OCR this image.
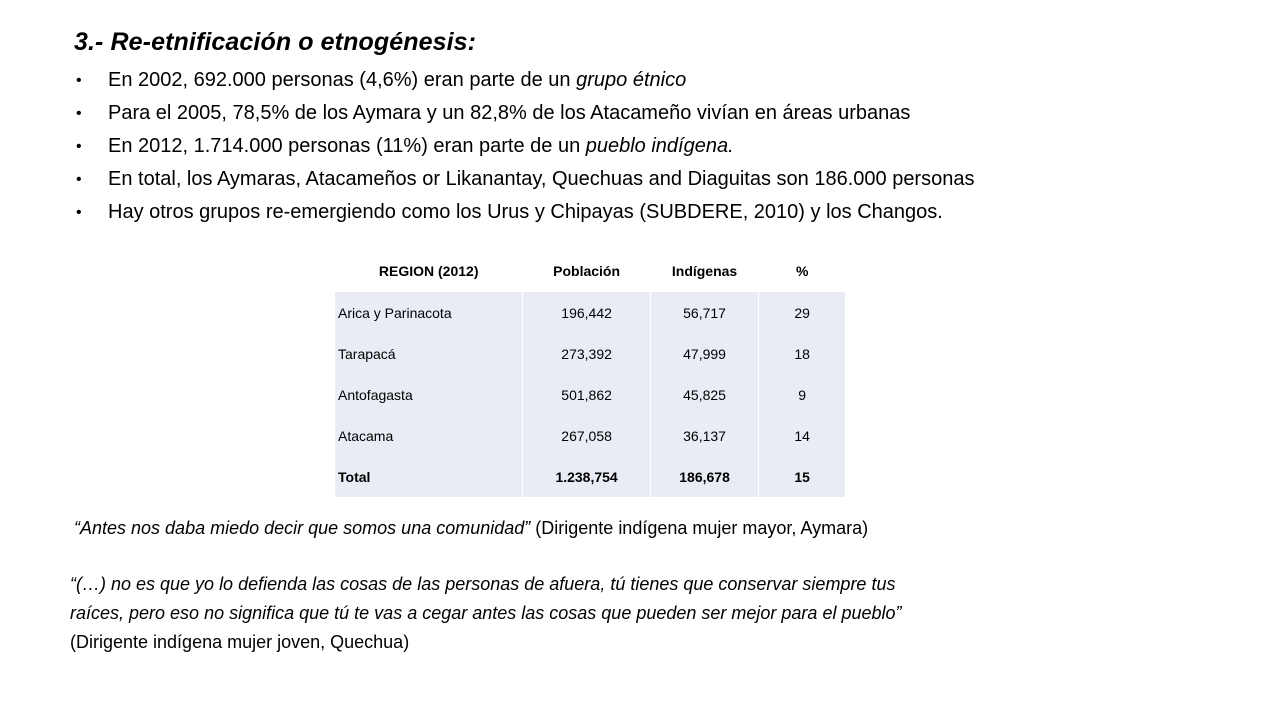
3.- Re-etnificación o etnogénesis:
• En 2002, 692.000 personas (4,6%) eran parte de un grupo étnico
• Para el 2005, 78,5% de los Aymara y un 82,8% de los Atacameño vivían en áreas urbanas
• En 2012, 1.714.000 personas (11%) eran parte de un pueblo indígena.
• En total, los Aymaras, Atacameños or Likanantay, Quechuas and Diaguitas son 186.000 personas
• Hay otros grupos re-emergiendo como los Urus y Chipayas (SUBDERE, 2010) y los Changos.
REGION (2012)	Población	Indígenas	%
Arica y Parinacota	196,442	56,717	29
Tarapacá	273,392	47,999	18
Antofagasta	501,862	45,825	9
Atacama	267,058	36,137	14
Total	1.238,754	186,678	15
“Antes nos daba miedo decir que somos una comunidad” (Dirigente indígena mujer mayor, Aymara)
“(…) no es que yo lo defienda las cosas de las personas de afuera, tú tienes que conservar siempre tus
raíces, pero eso no significa que tú te vas a cegar antes las cosas que pueden ser mejor para el pueblo”
(Dirigente indígena mujer joven, Quechua)
